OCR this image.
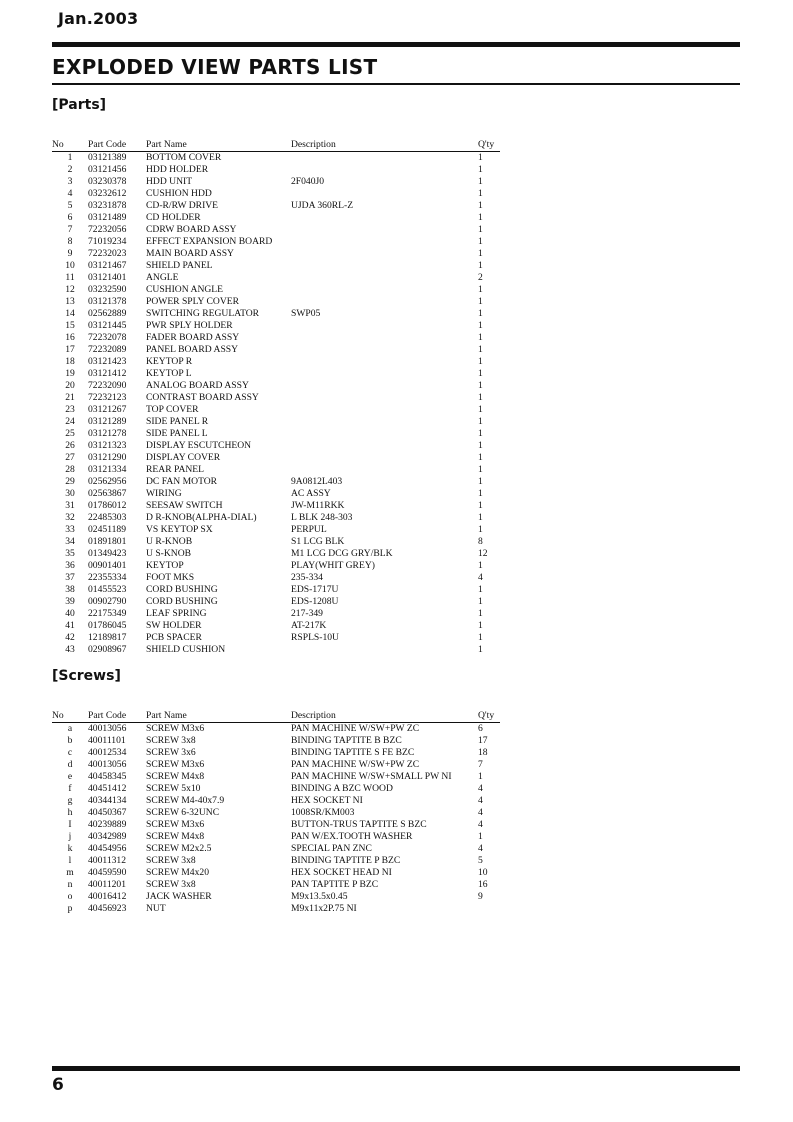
Jan.2003
EXPLODED VIEW PARTS LIST
[Parts]
No	Part Code	Part Name	Description	Q'ty
1	03121389	BOTTOM COVER		1
2	03121456	HDD HOLDER		1
3	03230378	HDD UNIT	2F040J0	1
4	03232612	CUSHION HDD		1
5	03231878	CD-R/RW DRIVE	UJDA 360RL-Z	1
6	03121489	CD HOLDER		1
7	72232056	CDRW BOARD ASSY		1
8	71019234	EFFECT EXPANSION BOARD		1
9	72232023	MAIN BOARD ASSY		1
10	03121467	SHIELD PANEL		1
11	03121401	ANGLE		2
12	03232590	CUSHION ANGLE		1
13	03121378	POWER SPLY COVER		1
14	02562889	SWITCHING REGULATOR	SWP05	1
15	03121445	PWR SPLY HOLDER		1
16	72232078	FADER BOARD ASSY		1
17	72232089	PANEL BOARD ASSY		1
18	03121423	KEYTOP R		1
19	03121412	KEYTOP L		1
20	72232090	ANALOG BOARD ASSY		1
21	72232123	CONTRAST BOARD ASSY		1
23	03121267	TOP COVER		1
24	03121289	SIDE PANEL R		1
25	03121278	SIDE PANEL L		1
26	03121323	DISPLAY ESCUTCHEON		1
27	03121290	DISPLAY COVER		1
28	03121334	REAR PANEL		1
29	02562956	DC FAN MOTOR	9A0812L403	1
30	02563867	WIRING	AC ASSY	1
31	01786012	SEESAW SWITCH	JW-M11RKK	1
32	22485303	D R-KNOB(ALPHA-DIAL)	L BLK 248-303	1
33	02451189	VS KEYTOP SX	PERPUL	1
34	01891801	U R-KNOB	S1 LCG BLK	8
35	01349423	U S-KNOB	M1 LCG DCG GRY/BLK	12
36	00901401	KEYTOP	PLAY(WHIT GREY)	1
37	22355334	FOOT MKS	235-334	4
38	01455523	CORD BUSHING	EDS-1717U	1
39	00902790	CORD BUSHING	EDS-1208U	1
40	22175349	LEAF SPRING	217-349	1
41	01786045	SW HOLDER	AT-217K	1
42	12189817	PCB SPACER	RSPLS-10U	1
43	02908967	SHIELD CUSHION		1
[Screws]
No	Part Code	Part Name	Description	Q'ty
a	40013056	SCREW M3x6	PAN MACHINE W/SW+PW ZC	6
b	40011101	SCREW 3x8	BINDING TAPTITE B BZC	17
c	40012534	SCREW 3x6	BINDING TAPTITE S FE BZC	18
d	40013056	SCREW M3x6	PAN MACHINE W/SW+PW ZC	7
e	40458345	SCREW M4x8	PAN MACHINE W/SW+SMALL PW NI	1
f	40451412	SCREW 5x10	BINDING A BZC WOOD	4
g	40344134	SCREW M4-40x7.9	HEX SOCKET NI	4
h	40450367	SCREW 6-32UNC	1008SR/KM003	4
I	40239889	SCREW M3x6	BUTTON-TRUS TAPTITE S BZC	4
j	40342989	SCREW M4x8	PAN W/EX.TOOTH WASHER	1
k	40454956	SCREW M2x2.5	SPECIAL PAN ZNC	4
l	40011312	SCREW 3x8	BINDING TAPTITE P BZC	5
m	40459590	SCREW M4x20	HEX SOCKET HEAD NI	10
n	40011201	SCREW 3x8	PAN TAPTITE P BZC	16
o	40016412	JACK WASHER	M9x13.5x0.45	9
p	40456923	NUT	M9x11x2P.75 NI	
6
